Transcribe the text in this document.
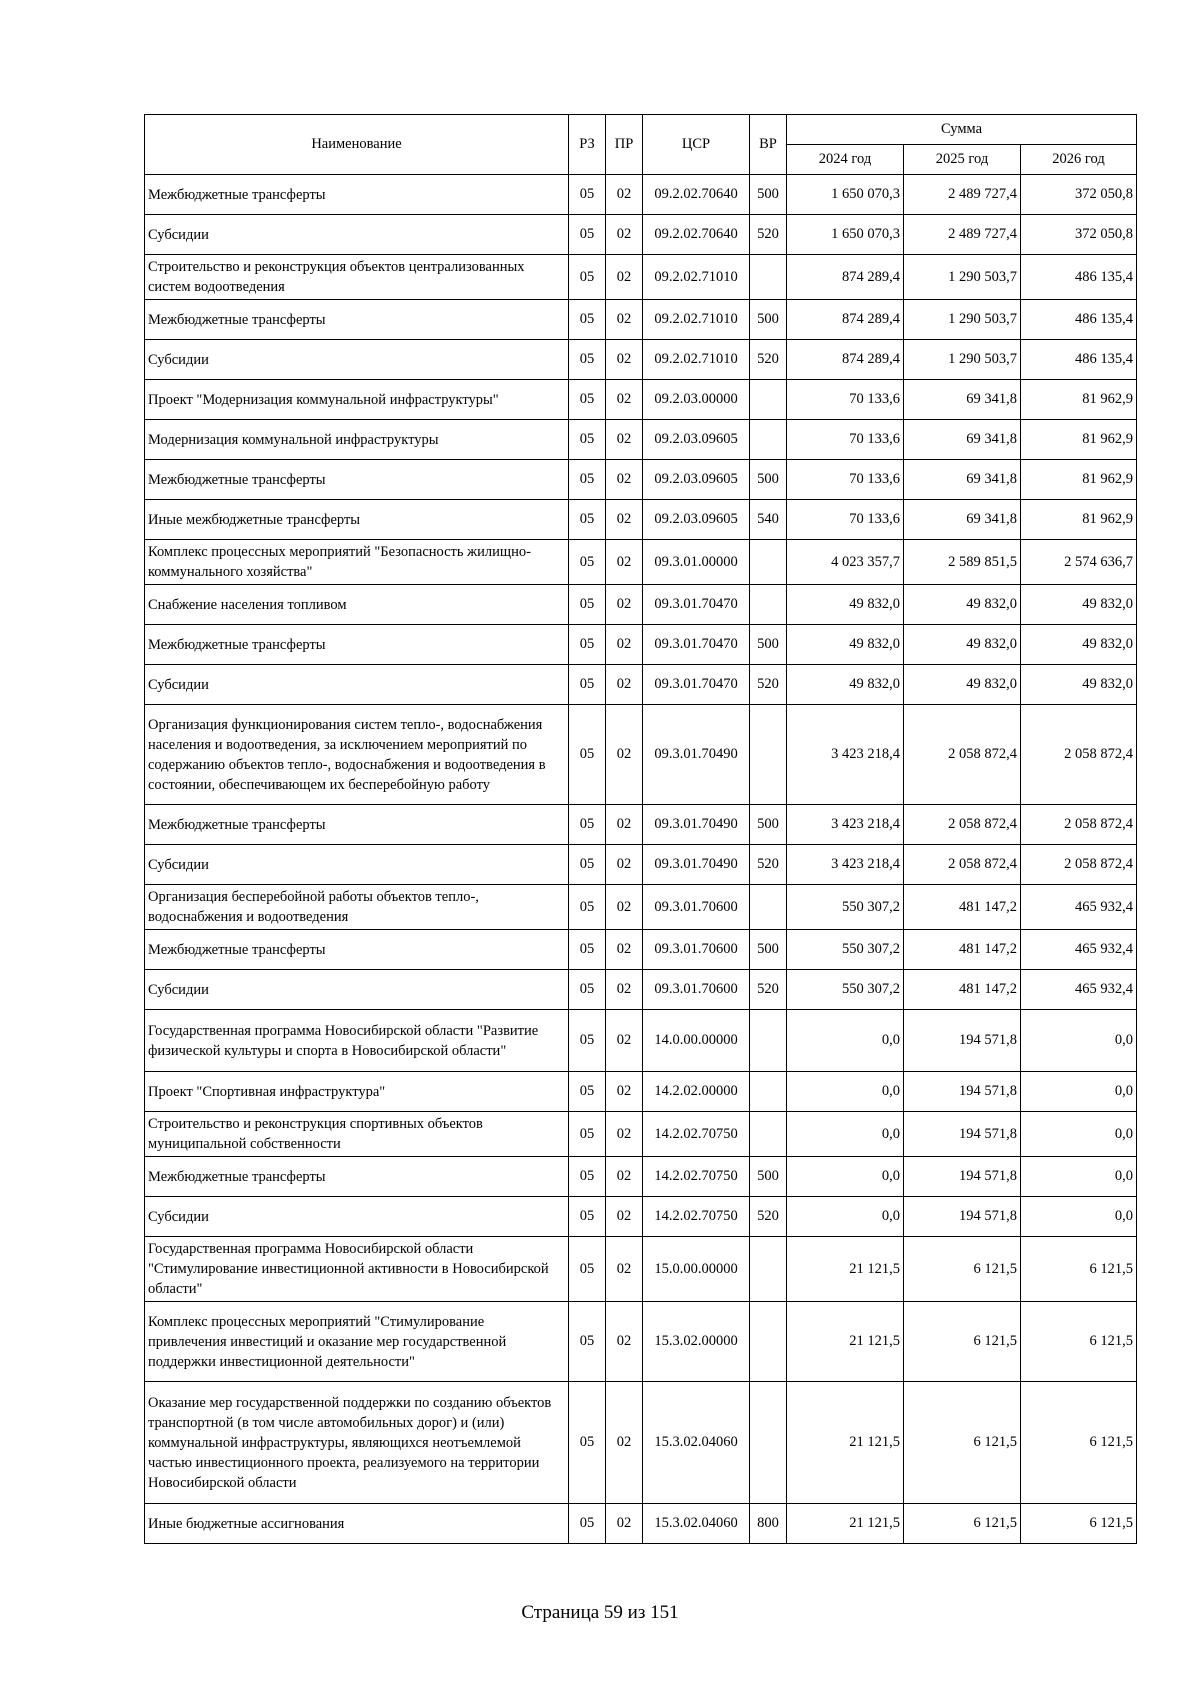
Наименование	РЗ	ПР	ЦСР	ВР	Сумма		
					2024 год	2025 год	2026 год
Межбюджетные трансферты	05	02	09.2.02.70640	500	1 650 070,3	2 489 727,4	372 050,8
Субсидии	05	02	09.2.02.70640	520	1 650 070,3	2 489 727,4	372 050,8
Строительство и реконструкция объектов централизованных систем водоотведения	05	02	09.2.02.71010		874 289,4	1 290 503,7	486 135,4
Межбюджетные трансферты	05	02	09.2.02.71010	500	874 289,4	1 290 503,7	486 135,4
Субсидии	05	02	09.2.02.71010	520	874 289,4	1 290 503,7	486 135,4
Проект "Модернизация коммунальной инфраструктуры"	05	02	09.2.03.00000		70 133,6	69 341,8	81 962,9
Модернизация коммунальной инфраструктуры	05	02	09.2.03.09605		70 133,6	69 341,8	81 962,9
Межбюджетные трансферты	05	02	09.2.03.09605	500	70 133,6	69 341,8	81 962,9
Иные межбюджетные трансферты	05	02	09.2.03.09605	540	70 133,6	69 341,8	81 962,9
Комплекс процессных мероприятий "Безопасность жилищно-коммунального хозяйства"	05	02	09.3.01.00000		4 023 357,7	2 589 851,5	2 574 636,7
Снабжение населения топливом	05	02	09.3.01.70470		49 832,0	49 832,0	49 832,0
Межбюджетные трансферты	05	02	09.3.01.70470	500	49 832,0	49 832,0	49 832,0
Субсидии	05	02	09.3.01.70470	520	49 832,0	49 832,0	49 832,0
Организация функционирования систем тепло-, водоснабжения населения и водоотведения, за исключением мероприятий по содержанию объектов тепло-, водоснабжения и водоотведения в состоянии, обеспечивающем их бесперебойную работу	05	02	09.3.01.70490		3 423 218,4	2 058 872,4	2 058 872,4
Межбюджетные трансферты	05	02	09.3.01.70490	500	3 423 218,4	2 058 872,4	2 058 872,4
Субсидии	05	02	09.3.01.70490	520	3 423 218,4	2 058 872,4	2 058 872,4
Организация бесперебойной работы объектов тепло-, водоснабжения и водоотведения	05	02	09.3.01.70600		550 307,2	481 147,2	465 932,4
Межбюджетные трансферты	05	02	09.3.01.70600	500	550 307,2	481 147,2	465 932,4
Субсидии	05	02	09.3.01.70600	520	550 307,2	481 147,2	465 932,4
Государственная программа Новосибирской области "Развитие физической культуры и спорта в Новосибирской области"	05	02	14.0.00.00000		0,0	194 571,8	0,0
Проект "Спортивная инфраструктура"	05	02	14.2.02.00000		0,0	194 571,8	0,0
Строительство и реконструкция спортивных объектов муниципальной собственности	05	02	14.2.02.70750		0,0	194 571,8	0,0
Межбюджетные трансферты	05	02	14.2.02.70750	500	0,0	194 571,8	0,0
Субсидии	05	02	14.2.02.70750	520	0,0	194 571,8	0,0
Государственная программа Новосибирской области "Стимулирование инвестиционной активности в Новосибирской области"	05	02	15.0.00.00000		21 121,5	6 121,5	6 121,5
Комплекс процессных мероприятий "Стимулирование привлечения инвестиций и оказание мер государственной поддержки инвестиционной деятельности"	05	02	15.3.02.00000		21 121,5	6 121,5	6 121,5
Оказание мер государственной поддержки по созданию объектов транспортной (в том числе автомобильных дорог) и (или) коммунальной инфраструктуры, являющихся неотъемлемой частью инвестиционного проекта, реализуемого на территории Новосибирской области	05	02	15.3.02.04060		21 121,5	6 121,5	6 121,5
Иные бюджетные ассигнования	05	02	15.3.02.04060	800	21 121,5	6 121,5	6 121,5
Страница 59 из 151
